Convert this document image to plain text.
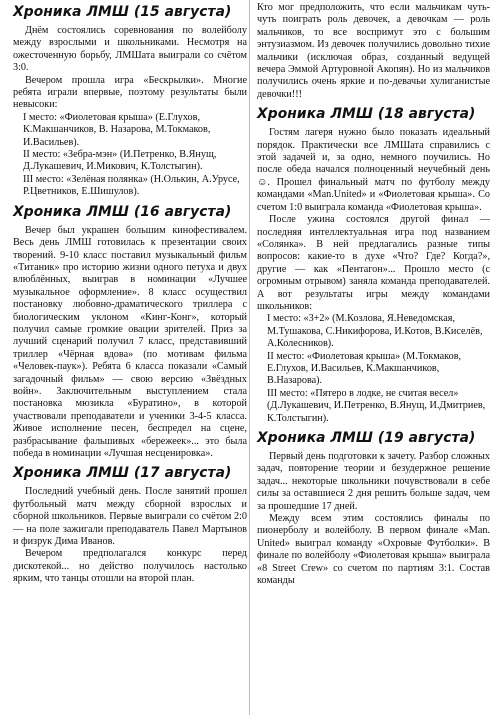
Хроника ЛМШ (15 августа)

Днём состоялись соревнования по волейболу между взрослыми и школьниками. Несмотря на ожесточенную борьбу, ЛМШата выиграли со счётом 3:0.

Вечером прошла игра «Бескрылки». Многие ребята играли впервые, поэтому результаты были невысоки:

I место: «Фиолетовая крыша» (Е.Глухов, К.Макшанчиков, В. Назарова, М.Токмаков, И.Васильев).
II место: «Зебра-мэн» (И.Петренко, В.Янущ, Д.Лукашевич, И.Микович, К.Толстыгин).
III место: «Зелёная полянка» (Н.Олькин, А.Урусе, Р.Цветников, Е.Шишулов).
Хроника ЛМШ (16 августа)

Вечер был украшен большим кинофестивалем. Весь день ЛМШ готовилась к презентации своих творений. 9-10 класс поставил музыкальный фильм «Титаник» про историю жизни одного петуха и двух влюблённых, выиграв в номинации «Лучшее музыкальное оформление». 8 класс осуществил постановку любовно-драматического триллера с биологическим уклоном «Кинг-Конг», который получил самые громкие овации зрителей. Приз за лучший сценарий получил 7 класс, представивший триллер «Чёрная вдова» (по мотивам фильма «Человек-паук»). Ребята 6 класса показали «Самый загадочный фильм» — свою версию «Звёздных войн». Заключительным выступлением стала постановка мюзикла «Буратино», в которой участвовали преподаватели и ученики 3-4-5 класса. Живое исполнение песен, беспредел на сцене, разбрасывание фальшивых «бережеек»... это была победа в номинации «Лучшая несценировка».

Хроника ЛМШ (17 августа)

Последний учебный день. После занятий прошел футбольный матч между сборной взрослых и сборной школьников. Первые выиграли со счётом 2:0 — на поле зажигали преподаватель Павел Мартынов и физрук Дима Иванов.

Вечером предполагался конкурс перед дискотекой... но действо получилось настолько ярким, что танцы отошли на второй план.

Кто мог предположить, что если мальчикам чуть-чуть поиграть роль девочек, а девочкам — роль мальчиков, то все воспримут это с большим энтузиазмом. Из девочек получились довольно тихие мальчики (исключая образ, созданный ведущей вечера Эммой Артуровной Акопян). Но из мальчиков получились очень яркие и по-девачьи хулиганистые девочки!!!

Хроника ЛМШ (18 августа)

Гостям лагеря нужно было показать идеальный порядок. Практически все ЛМШата справились с этой задачей и, за одно, немного поучились. Но после обеда начался полноценный неучебный день ☺. Прошел финальный матч по футболу между командами «Man.United» и «Фиолетовая крыша». Со счетом 1:0 выиграла команда «Фиолетовая крыша».

После ужина состоялся другой финал — последняя интеллектуальная игра под названием «Солянка». В ней предлагались разные типы вопросов: какие-то в духе «Что? Где? Когда?», другие — как «Пентагон»... Прошло место (с огромным отрывом) заняла команда преподавателей. А вот результаты игры между командами школьников:

I место: «3+2» (М.Козлова, Я.Неведомская, М.Тушакова, С.Никифорова, И.Котов, В.Киселёв, А.Колесников).
II место: «Фиолетовая крыша» (М.Токмаков, Е.Глухов, И.Васильев, К.Макшанчиков, В.Назарова).
III место: «Пятеро в лодке, не считая весел» (Д.Лукашевич, И.Петренко, В.Янущ, И.Дмитриев, К.Толстыгин).
Хроника ЛМШ (19 августа)

Первый день подготовки к зачету. Разбор сложных задач, повторение теории и безудержное решение задач... некоторые школьники почувствовали в себе силы за оставшиеся 2 дня решить больше задач, чем за прошедшие 17 дней.

Между всем этим состоялись финалы по пионерболу и волейболу. В первом финале «Man. United» выиграл команду «Охровые Футболки». В финале по волейболу «Фиолетовая крыша» выиграла «8 Street Crew» со счетом по партиям 3:1. Состав команды
